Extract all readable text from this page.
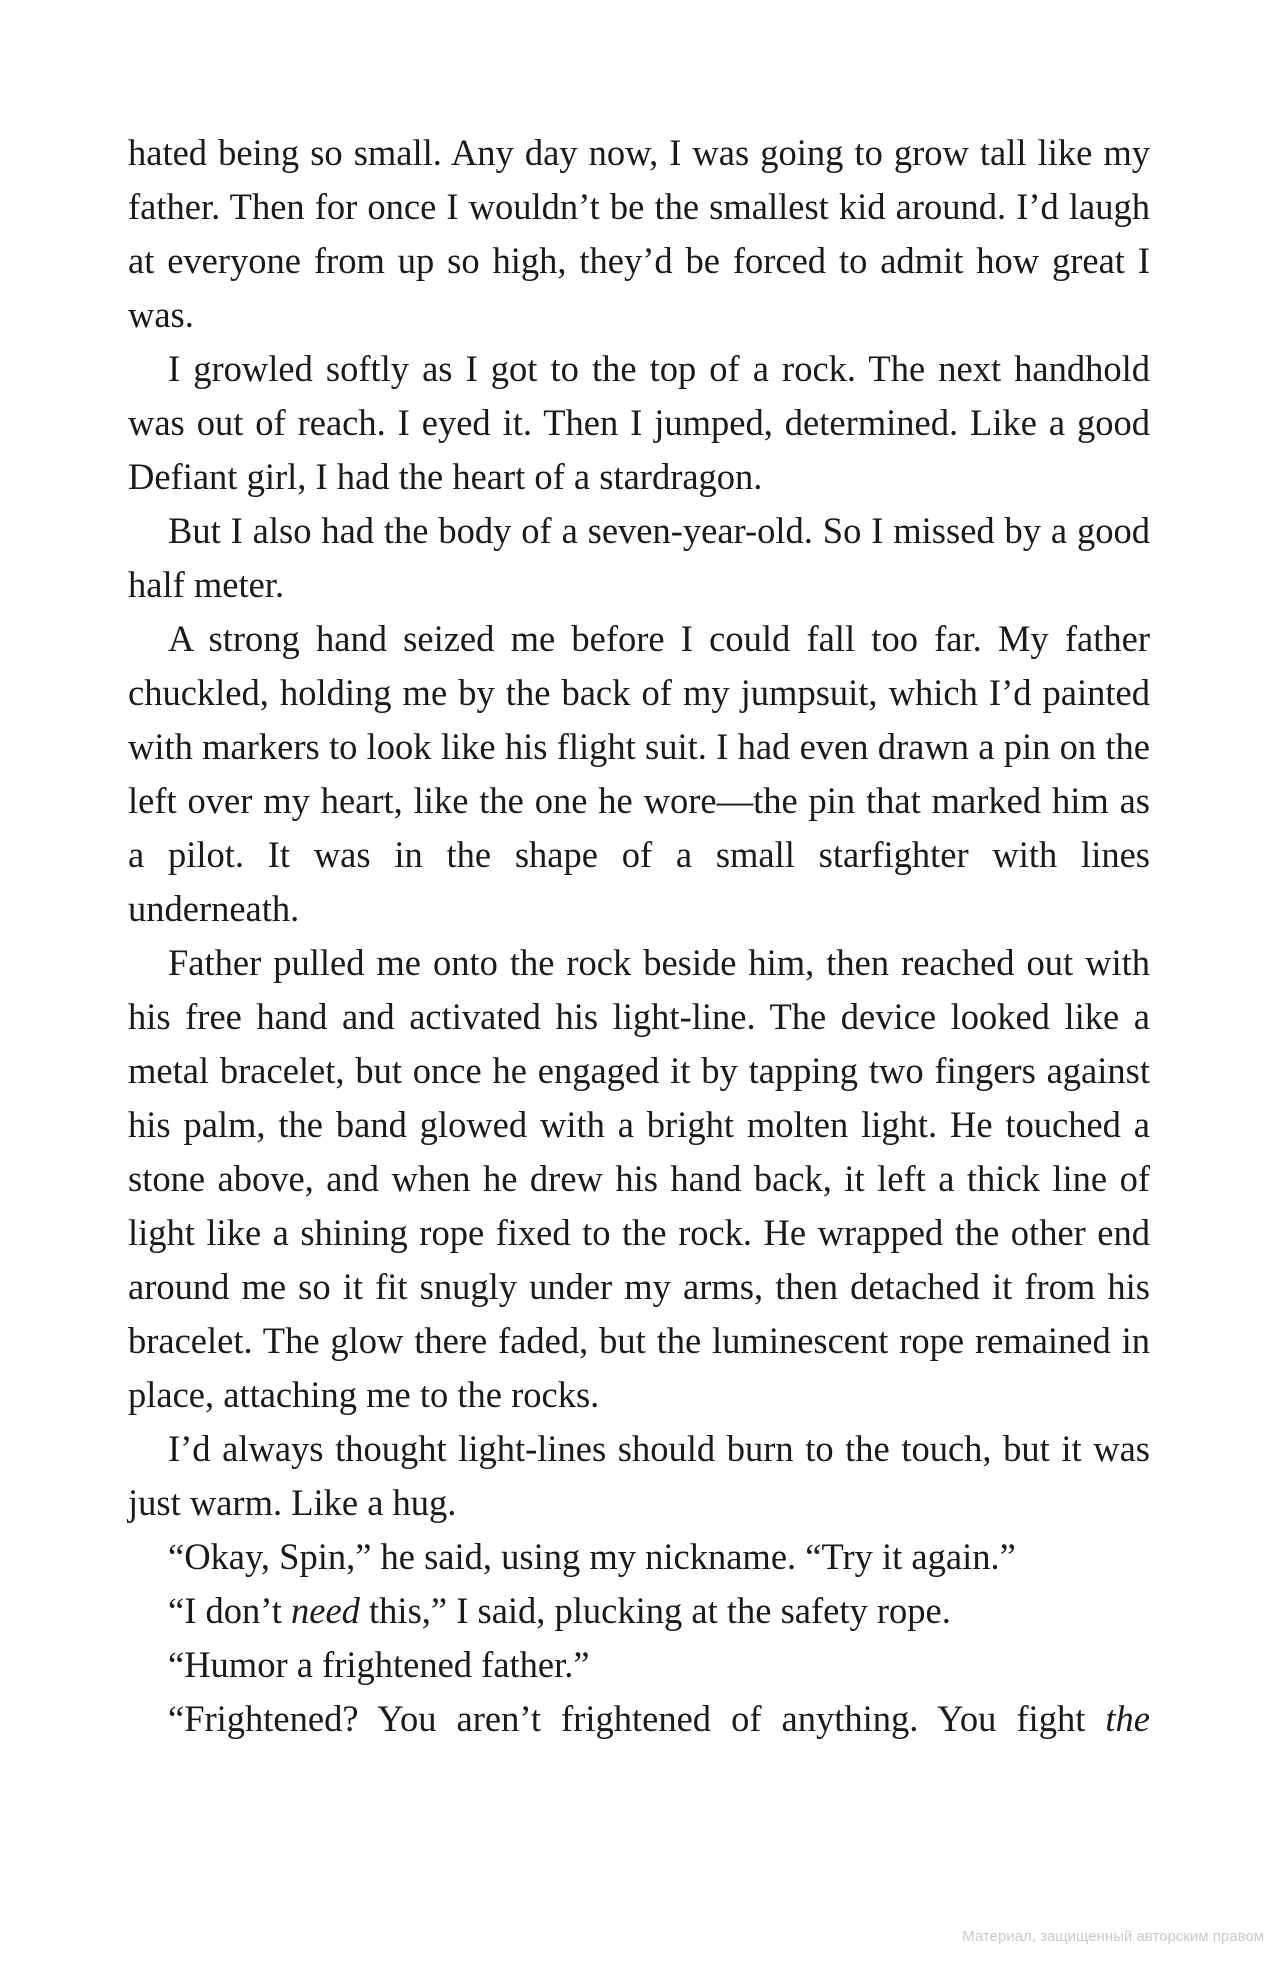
hated being so small. Any day now, I was going to grow tall like my father. Then for once I wouldn’t be the smallest kid around. I’d laugh at everyone from up so high, they’d be forced to admit how great I was.

I growled softly as I got to the top of a rock. The next handhold was out of reach. I eyed it. Then I jumped, determined. Like a good Defiant girl, I had the heart of a stardragon.

But I also had the body of a seven-year-old. So I missed by a good half meter.

A strong hand seized me before I could fall too far. My father chuckled, holding me by the back of my jumpsuit, which I’d painted with markers to look like his flight suit. I had even drawn a pin on the left over my heart, like the one he wore—the pin that marked him as a pilot. It was in the shape of a small starfighter with lines underneath.

Father pulled me onto the rock beside him, then reached out with his free hand and activated his light-line. The device looked like a metal bracelet, but once he engaged it by tapping two fingers against his palm, the band glowed with a bright molten light. He touched a stone above, and when he drew his hand back, it left a thick line of light like a shining rope fixed to the rock. He wrapped the other end around me so it fit snugly under my arms, then detached it from his bracelet. The glow there faded, but the luminescent rope remained in place, attaching me to the rocks.

I’d always thought light-lines should burn to the touch, but it was just warm. Like a hug.

“Okay, Spin,” he said, using my nickname. “Try it again.”

“I don’t need this,” I said, plucking at the safety rope.

“Humor a frightened father.”

“Frightened? You aren’t frightened of anything. You fight the

Материал, защищенный авторским правом
